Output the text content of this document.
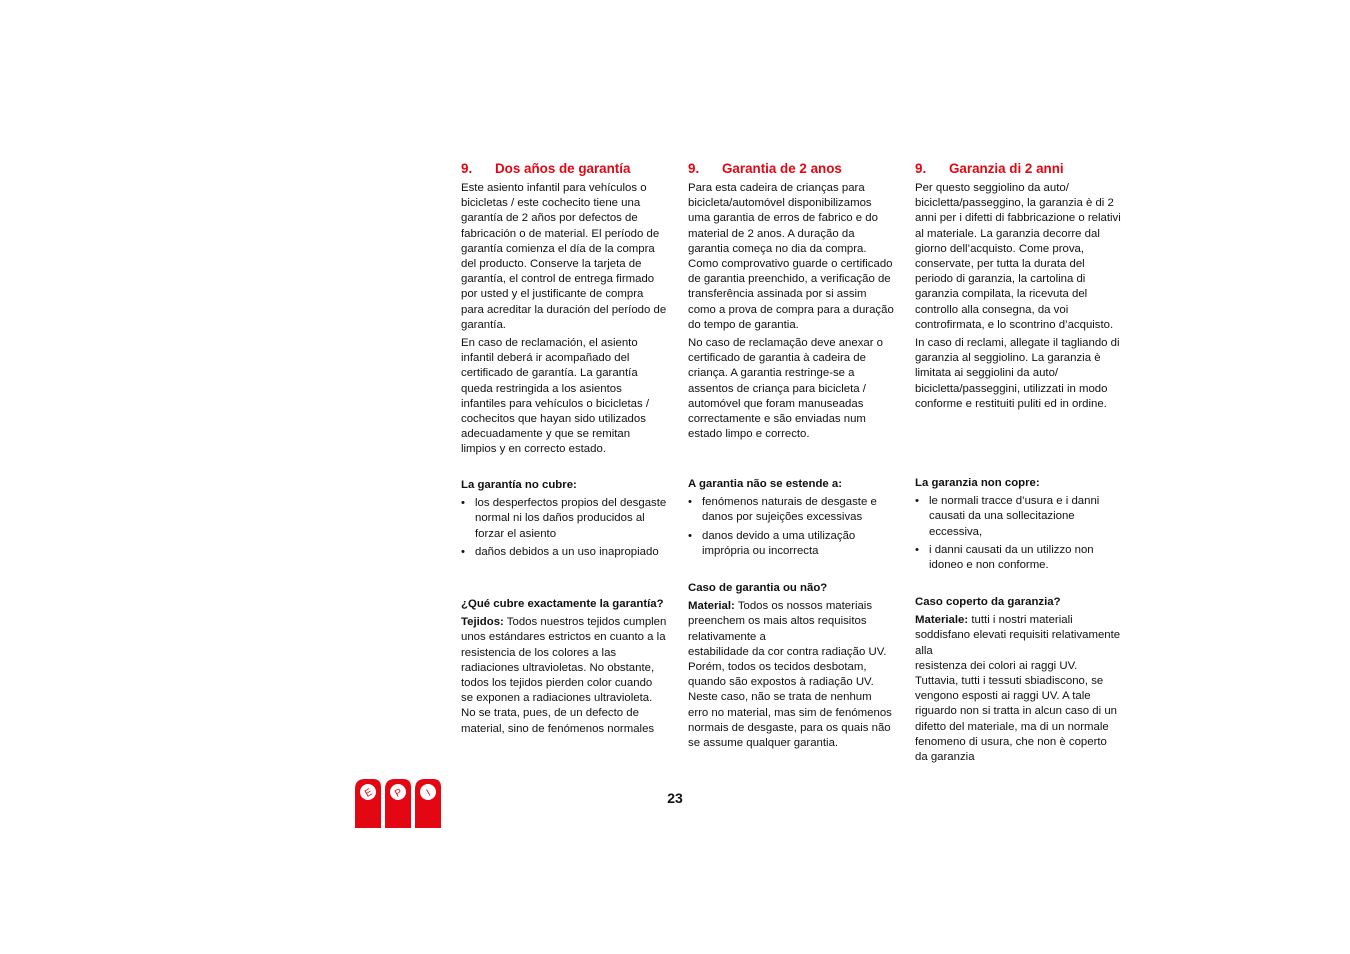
9.	Dos años de garantía

Este asiento infantil para vehículos o bicicletas / este cochecito tiene una garantía de 2 años por defectos de fabricación o de material. El período de garantía comienza el día de la compra del producto. Conserve la tarjeta de garantía, el control de entrega firmado por usted y el justificante de compra para acreditar la duración del período de garantía.

En caso de reclamación, el asiento infantil deberá ir acompañado del certificado de garantía. La garantía queda restringida a los asientos infantiles para vehículos o bicicletas / cochecitos que hayan sido utilizados adecuadamente y que se remitan limpios y en correcto estado.

La garantía no cubre:
• los desperfectos propios del desgaste normal ni los daños producidos al forzar el asiento
• daños debidos a un uso inapropiado
¿Qué cubre exactamente la garantía?
Tejidos: Todos nuestros tejidos cumplen unos estándares estrictos en cuanto a la
resistencia de los colores a las radiaciones ultravioletas. No obstante, todos los tejidos pierden color cuando se exponen a radiaciones ultravioleta. No se trata, pues, de un defecto de material, sino de fenómenos normales
9.	Garantia de 2 anos

Para esta cadeira de crianças para bicicleta/automóvel disponibilizamos uma garantia de erros de fabrico e do material de 2 anos. A duração da garantia começa no dia da compra. Como comprovativo guarde o certificado de garantia preenchido, a verificação de transferência assinada por si assim como a prova de compra para a duração do tempo de garantia.

No caso de reclamação deve anexar o certificado de garantia à cadeira de criança. A garantia restringe-se a assentos de criança para bicicleta / automóvel que foram manuseadas correctamente e são enviadas num estado limpo e correcto.

A garantia não se estende a:
• fenómenos naturais de desgaste e danos por sujeições excessivas
• danos devido a uma utilização imprópria ou incorrecta
Caso de garantia ou não?
Material: Todos os nossos materiais preenchem os mais altos requisitos relativamente a
estabilidade da cor contra radiação UV. Porém, todos os tecidos desbotam, quando são expostos à radiação UV. Neste caso, não se trata de nenhum erro no material, mas sim de fenómenos normais de desgaste, para os quais não se assume qualquer garantia.
9.	Garanzia di 2 anni

Per questo seggiolino da auto/ bicicletta/passeggino, la garanzia è di 2 anni per i difetti di fabbricazione o relativi al materiale. La garanzia decorre dal giorno dell’acquisto. Come prova, conservate, per tutta la durata del periodo di garanzia, la cartolina di garanzia compilata, la ricevuta del controllo alla consegna, da voi controfirmata, e lo scontrino d’acquisto.

In caso di reclami, allegate il tagliando di garanzia al seggiolino. La garanzia è limitata ai seggiolini da auto/ bicicletta/passeggini, utilizzati in modo conforme e restituiti puliti ed in ordine.

La garanzia non copre:
• le normali tracce d’usura e i danni causati da una sollecitazione eccessiva,
• i danni causati da un utilizzo non idoneo e non conforme.
Caso coperto da garanzia?
Materiale: tutti i nostri materiali soddisfano elevati requisiti relativamente alla
resistenza dei colori ai raggi UV. Tuttavia, tutti i tessuti sbiadiscono, se vengono esposti ai raggi UV. A tale riguardo non si tratta in alcun caso di un difetto del materiale, ma di un normale fenomeno di usura, che non è coperto da garanzia
E P I	23
